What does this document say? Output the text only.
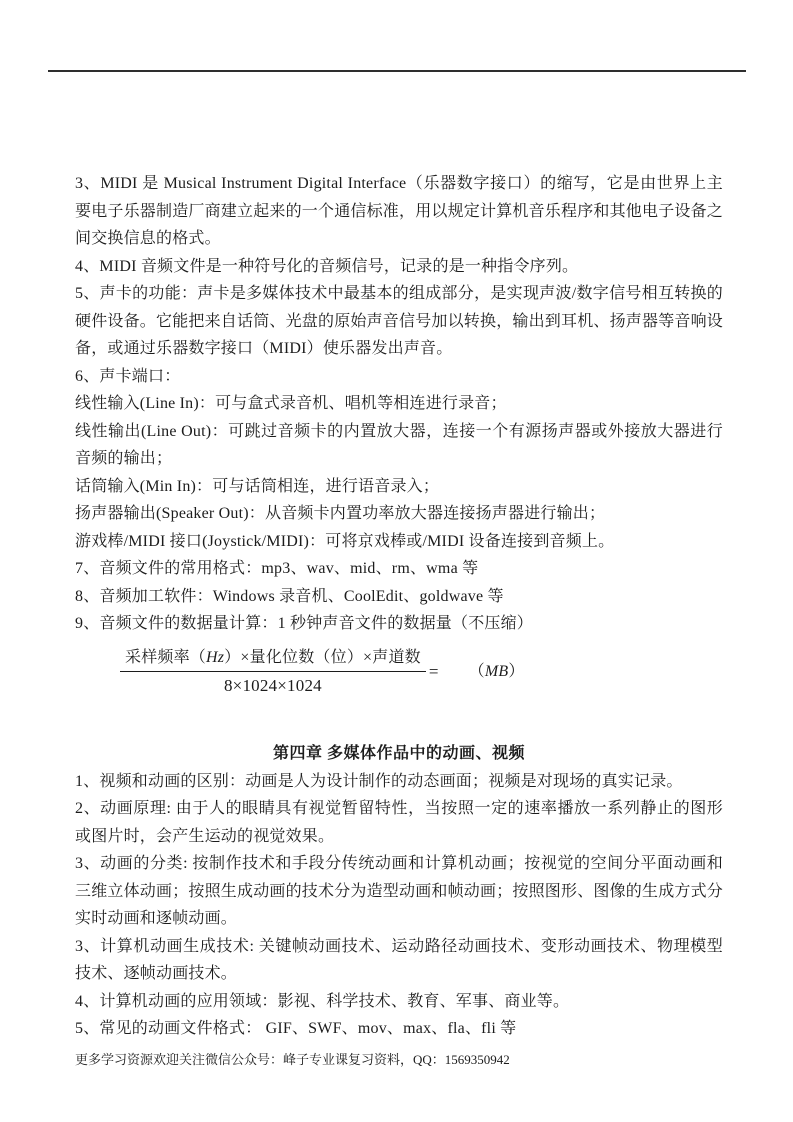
3、MIDI 是 Musical Instrument Digital Interface（乐器数字接口）的缩写，它是由世界上主要电子乐器制造厂商建立起来的一个通信标准，用以规定计算机音乐程序和其他电子设备之间交换信息的格式。

4、MIDI 音频文件是一种符号化的音频信号，记录的是一种指令序列。

5、声卡的功能：声卡是多媒体技术中最基本的组成部分，是实现声波/数字信号相互转换的硬件设备。它能把来自话筒、光盘的原始声音信号加以转换，输出到耳机、扬声器等音响设备，或通过乐器数字接口（MIDI）使乐器发出声音。

6、声卡端口：

线性输入(Line In)：可与盒式录音机、唱机等相连进行录音；

线性输出(Line Out)：可跳过音频卡的内置放大器，连接一个有源扬声器或外接放大器进行音频的输出；

话筒输入(Min In)：可与话筒相连，进行语音录入；

扬声器输出(Speaker Out)：从音频卡内置功率放大器连接扬声器进行输出；

游戏棒/MIDI 接口(Joystick/MIDI)：可将京戏棒或/MIDI 设备连接到音频上。

7、音频文件的常用格式：mp3、wav、mid、rm、wma 等

8、音频加工软件：Windows 录音机、CoolEdit、goldwave 等

9、音频文件的数据量计算：1 秒钟声音文件的数据量（不压缩）

$\frac{\text{采样频率（Hz）×量化位数（位）×声道数}}{8\times 1024\times 1024} = (MB)$

第四章 多媒体作品中的动画、视频

1、视频和动画的区别：动画是人为设计制作的动态画面；视频是对现场的真实记录。

2、动画原理: 由于人的眼睛具有视觉暂留特性，当按照一定的速率播放一系列静止的图形或图片时，会产生运动的视觉效果。

3、动画的分类: 按制作技术和手段分传统动画和计算机动画；按视觉的空间分平面动画和三维立体动画；按照生成动画的技术分为造型动画和帧动画；按照图形、图像的生成方式分实时动画和逐帧动画。

3、计算机动画生成技术: 关键帧动画技术、运动路径动画技术、变形动画技术、物理模型技术、逐帧动画技术。

4、计算机动画的应用领域：影视、科学技术、教育、军事、商业等。

5、常见的动画文件格式： GIF、SWF、mov、max、fla、fli 等

更多学习资源欢迎关注微信公众号：峰子专业课复习资料，QQ：1569350942
